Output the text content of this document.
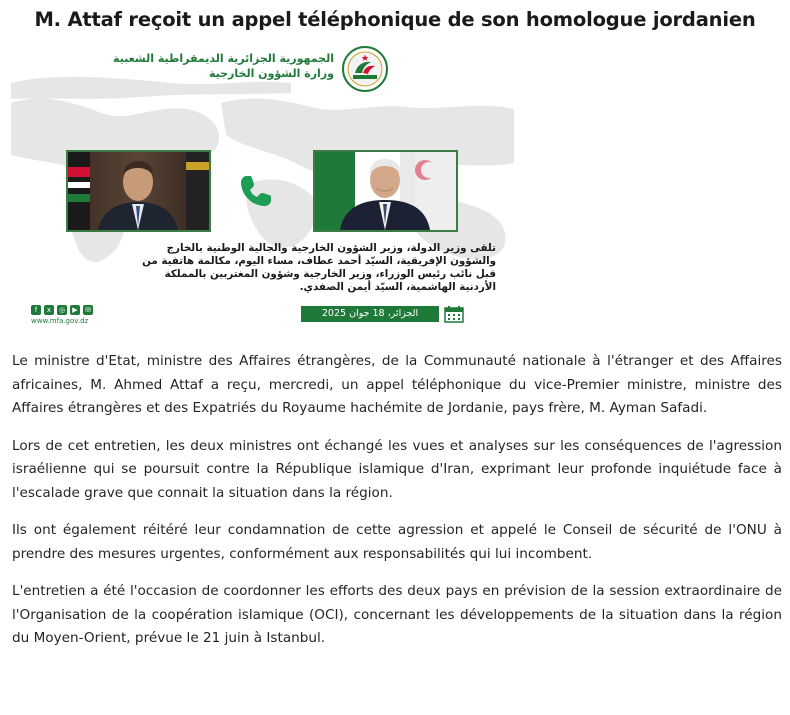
M. Attaf reçoit un appel téléphonique de son homologue jordanien
الجمهورية الجزائرية الديمقراطية الشعبية
وزارة الشؤون الخارجية
تلقى وزير الدولة، وزير الشؤون الخارجية والجالية الوطنية بالخارج
والشؤون الإفريقية، السيّد أحمد عطاف، مساء اليوم، مكالمة هاتفية من
قبل نائب رئيس الوزراء، وزير الخارجية وشؤون المغتربين بالمملكة
الأردنية الهاشمية، السيّد أيمن الصفدي.
f	x	◎	▶	✉
www.mfa.gov.dz
الجزائر، 18 جوان 2025

Le ministre d'Etat, ministre des Affaires étrangères, de la Communauté nationale à l'étranger et des Affaires africaines, M. Ahmed Attaf a reçu, mercredi, un appel téléphonique du vice-Premier ministre, ministre des Affaires étrangères et des Expatriés du Royaume hachémite de Jordanie, pays frère, M. Ayman Safadi.

Lors de cet entretien, les deux ministres ont échangé les vues et analyses sur les conséquences de l'agression israélienne qui se poursuit contre la République islamique d'Iran, exprimant leur profonde inquiétude face à l'escalade grave que connait la situation dans la région.

Ils ont également réitéré leur condamnation de cette agression et appelé le Conseil de sécurité de l'ONU à prendre des mesures urgentes, conformément aux responsabilités qui lui incombent.

L'entretien a été l'occasion de coordonner les efforts des deux pays en prévision de la session extraordinaire de l'Organisation de la coopération islamique (OCI), concernant les développements de la situation dans la région du Moyen-Orient, prévue le 21 juin à Istanbul.
